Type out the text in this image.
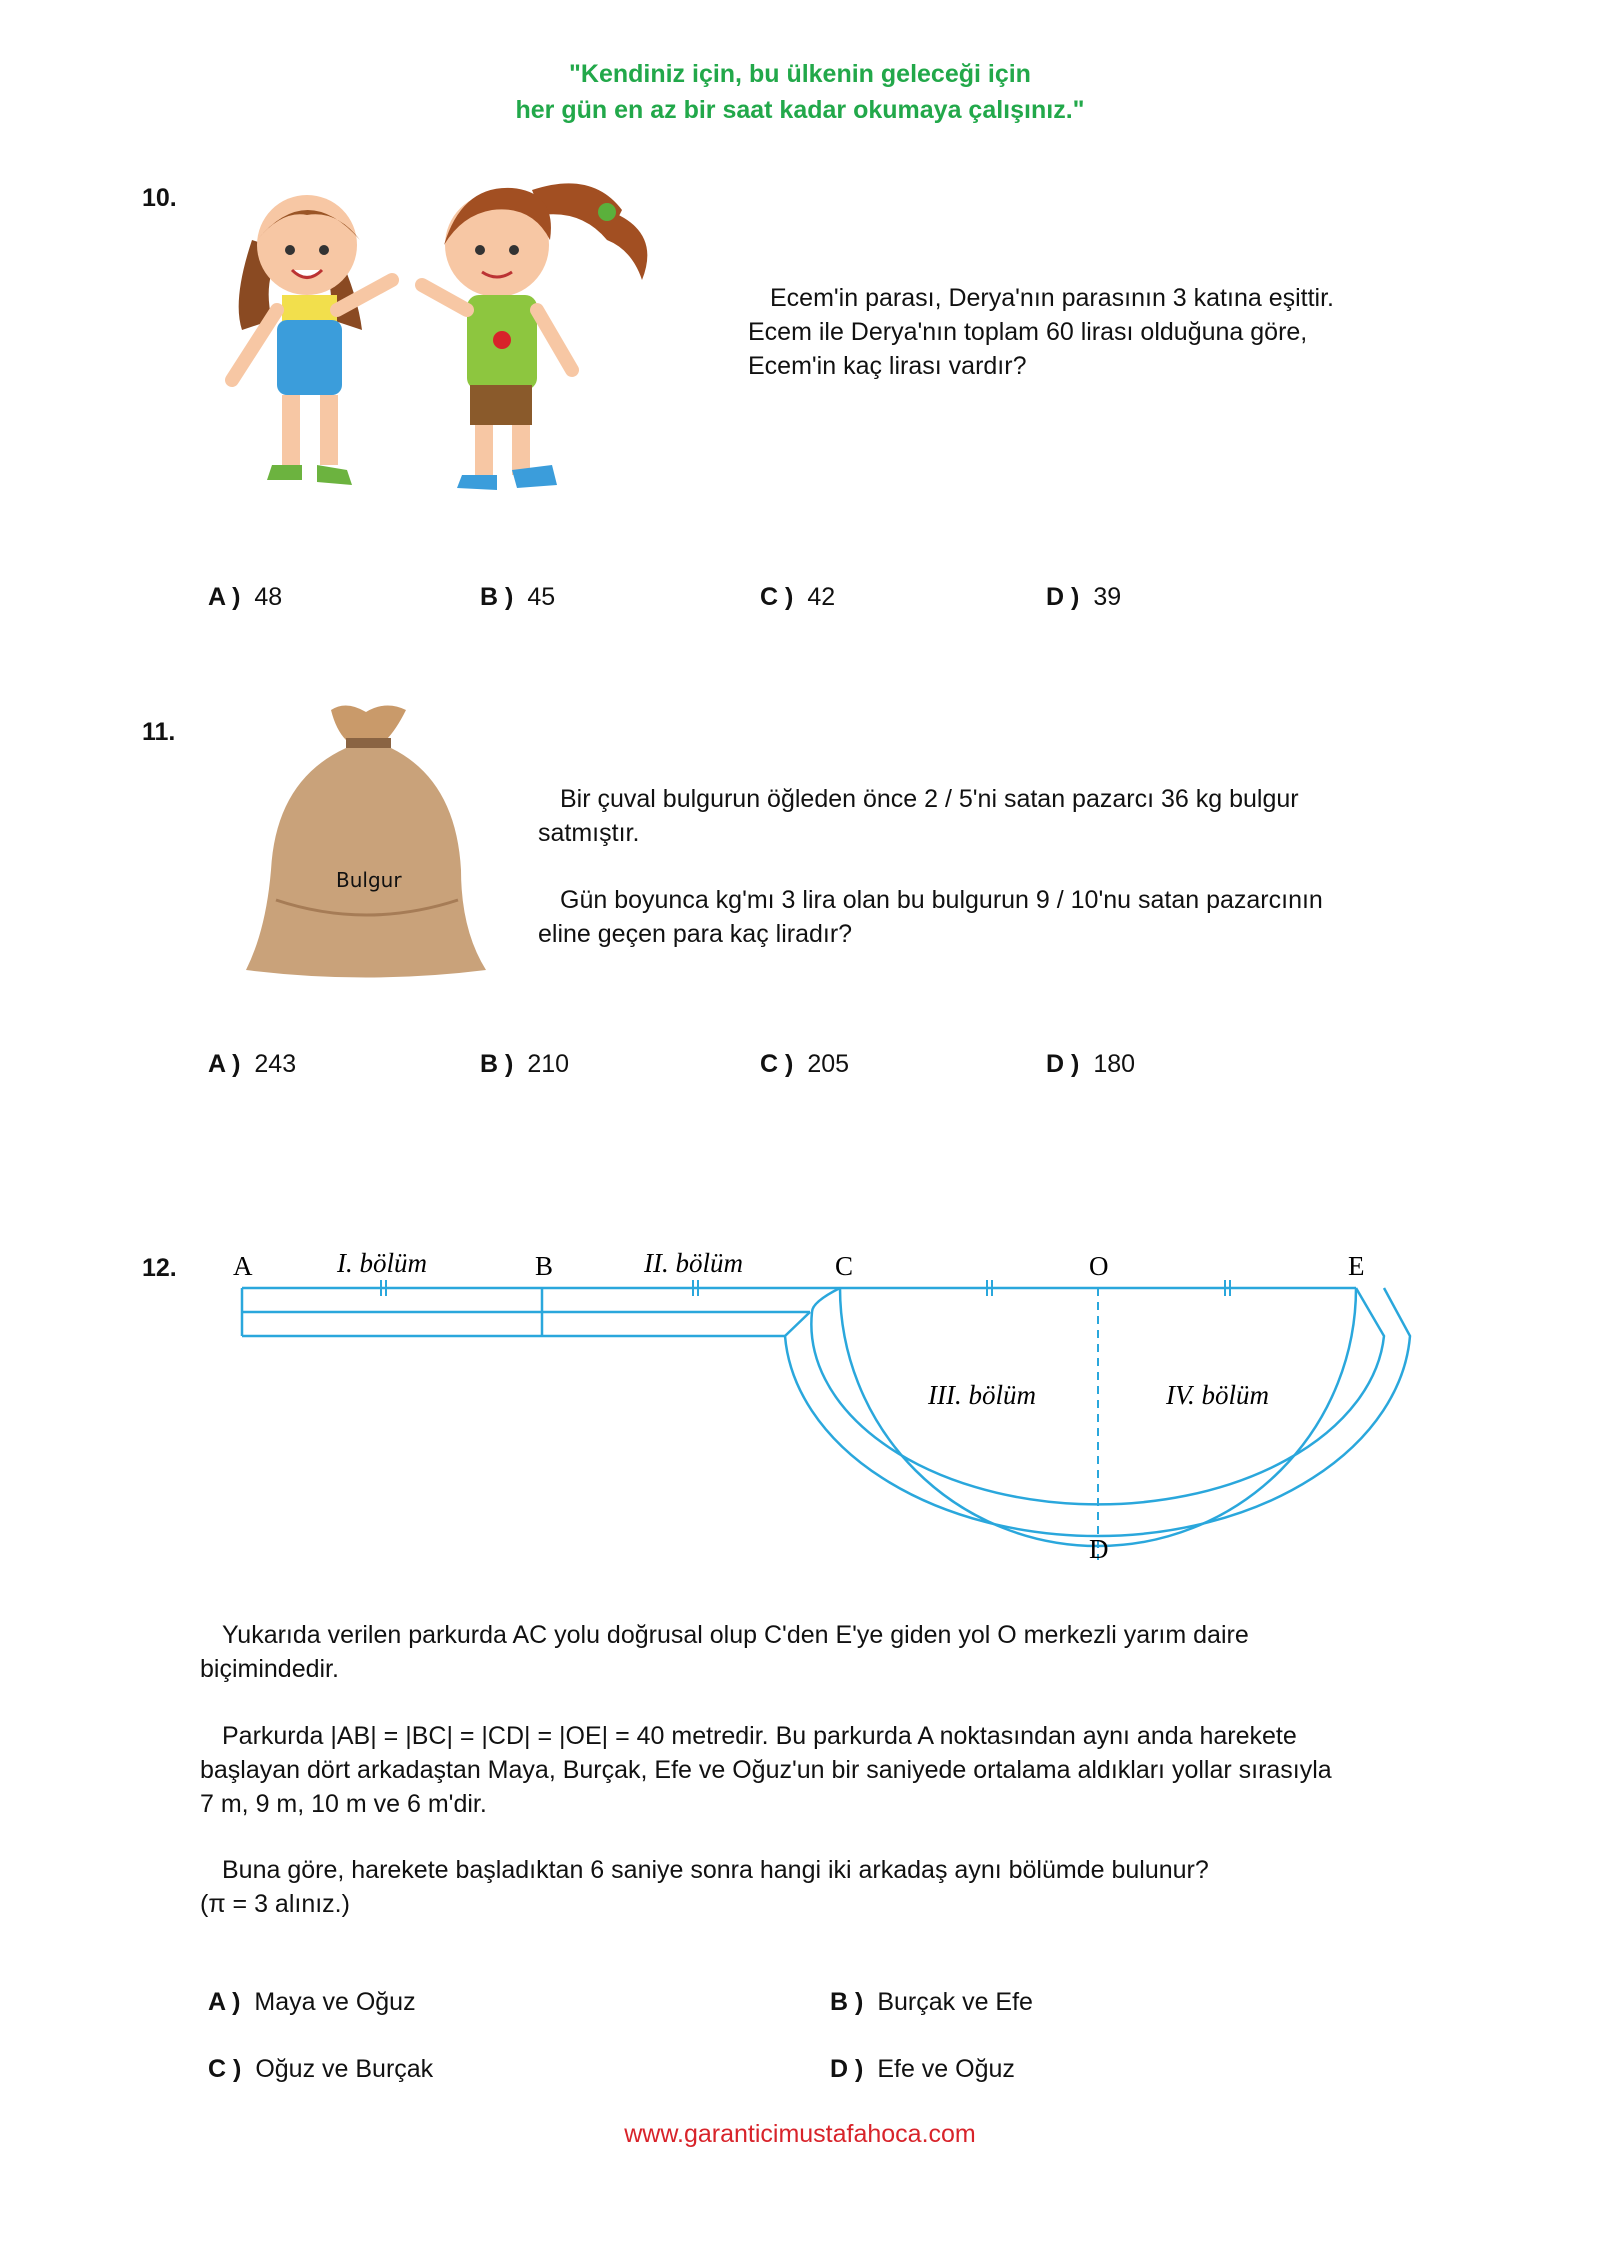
"Kendiniz için, bu ülkenin geleceği için
her gün en az bir saat kadar okumaya çalışınız."
10.
Ecem'in parası, Derya'nın parasının 3 katına eşittir.
Ecem ile Derya'nın toplam 60 lirası olduğuna göre,
Ecem'in kaç lirası vardır?
A ) 48	B ) 45	C ) 42	D ) 39
11.
Bulgur
Bir çuval bulgurun öğleden önce 2 / 5'ni satan pazarcı 36 kg bulgur
satmıştır.
Gün boyunca kg'mı 3 lira olan bu bulgurun 9 / 10'nu satan pazarcının
eline geçen para kaç liradır?
A ) 243	B ) 210	C ) 205	D ) 180
12. A	B	C	O	E
D
I. bölüm	II. bölüm
III. bölüm	IV. bölüm
Yukarıda verilen parkurda AC yolu doğrusal olup C'den E'ye giden yol O merkezli yarım daire
biçimindedir.
Parkurda |AB| = |BC| = |CD| = |OE| = 40 metredir. Bu parkurda A noktasından aynı anda harekete
başlayan dört arkadaştan Maya, Burçak, Efe ve Oğuz'un bir saniyede ortalama aldıkları yollar sırasıyla
7 m, 9 m, 10 m ve 6 m'dir.
Buna göre, harekete başladıktan 6 saniye sonra hangi iki arkadaş aynı bölümde bulunur?
(π = 3 alınız.)
A ) Maya ve Oğuz	B ) Burçak ve Efe
C ) Oğuz ve Burçak	D ) Efe ve Oğuz
www.garanticimustafahoca.com
